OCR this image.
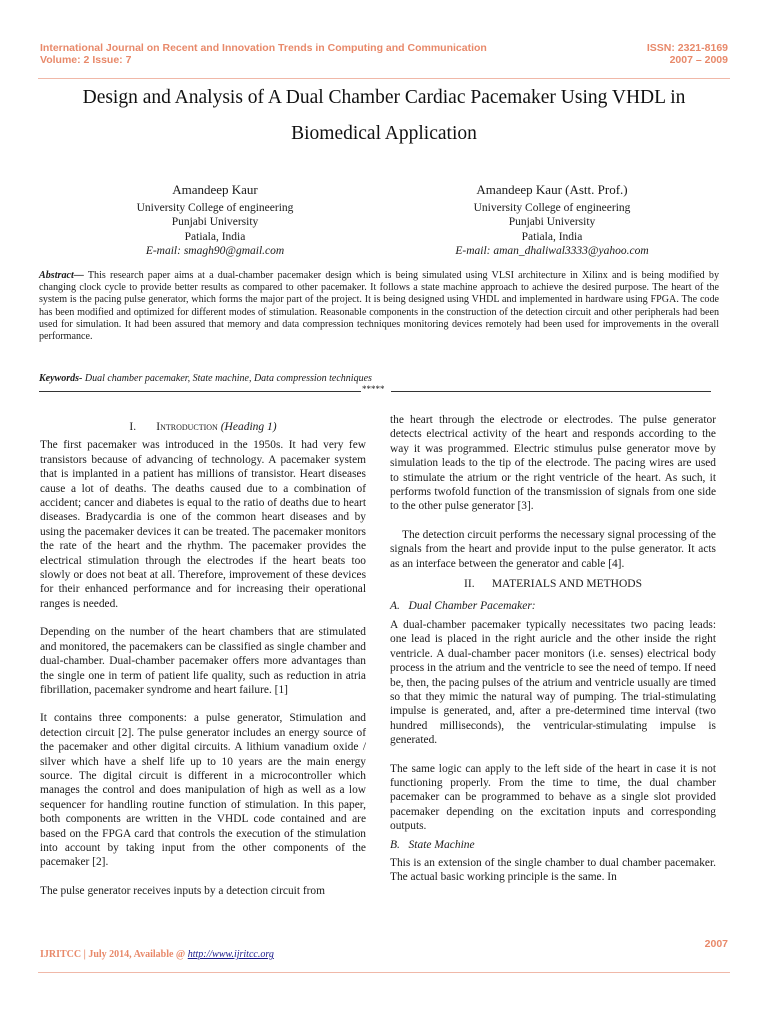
International Journal on Recent and Innovation Trends in Computing and Communication
Volume: 2 Issue: 7
ISSN: 2321-8169
2007 – 2009
Design and Analysis of A Dual Chamber Cardiac Pacemaker Using VHDL in
Biomedical Application
Amandeep Kaur
University College of engineering
Punjabi University
Patiala, India
E-mail: smagh90@gmail.com
Amandeep Kaur (Astt. Prof.)
University College of engineering
Punjabi University
Patiala, India
E-mail: aman_dhaliwal3333@yahoo.com
Abstract— This research paper aims at a dual-chamber pacemaker design which is being simulated using VLSI architecture in Xilinx and is being modified by changing clock cycle to provide better results as compared to other pacemaker. It follows a state machine approach to achieve the desired purpose. The heart of the system is the pacing pulse generator, which forms the major part of the project. It is being designed using VHDL and implemented in hardware using FPGA. The code has been modified and optimized for different modes of stimulation. Reasonable components in the construction of the detection circuit and other peripherals had been used for simulation. It had been assured that memory and data compression techniques monitoring devices remotely had been used for improvements in the overall performance.
Keywords- Dual chamber pacemaker, State machine, Data compression techniques
*****

I. Introduction (Heading 1)

The first pacemaker was introduced in the 1950s. It had very few transistors because of advancing of technology. A pacemaker system that is implanted in a patient has millions of transistor. Heart diseases cause a lot of deaths. The deaths caused due to a combination of accident; cancer and diabetes is equal to the ratio of deaths due to heart diseases. Bradycardia is one of the common heart diseases and by using the pacemaker devices it can be treated. The pacemaker monitors the rate of the heart and the rhythm. The pacemaker provides the electrical stimulation through the electrodes if the heart beats too slowly or does not beat at all. Therefore, improvement of these devices for their enhanced performance and for increasing their operational ranges is needed.

Depending on the number of the heart chambers that are stimulated and monitored, the pacemakers can be classified as single chamber and dual-chamber. Dual-chamber pacemaker offers more advantages than the single one in term of patient life quality, such as reduction in atria fibrillation, pacemaker syndrome and heart failure. [1]

It contains three components: a pulse generator, Stimulation and detection circuit [2]. The pulse generator includes an energy source of the pacemaker and other digital circuits. A lithium vanadium oxide / silver which have a shelf life up to 10 years are the main energy source. The digital circuit is different in a microcontroller which manages the control and does manipulation of high as well as a low sequencer for handling routine function of stimulation. In this paper, both components are written in the VHDL code contained and are based on the FPGA card that controls the execution of the stimulation into account by taking input from the other components of the pacemaker [2].

The pulse generator receives inputs by a detection circuit from

the heart through the electrode or electrodes. The pulse generator detects electrical activity of the heart and responds according to the way it was programmed. Electric stimulus pulse generator move by simulation leads to the tip of the electrode. The pacing wires are used to stimulate the atrium or the right ventricle of the heart. As such, it performs twofold function of the transmission of signals from one side to the other pulse generator [3].

The detection circuit performs the necessary signal processing of the signals from the heart and provide input to the pulse generator. It acts as an interface between the generator and cable [4].

II.      MATERIALS AND METHODS

A.   Dual Chamber Pacemaker:

A dual-chamber pacemaker typically necessitates two pacing leads: one lead is placed in the right auricle and the other inside the right ventricle. A dual-chamber pacer monitors (i.e. senses) electrical body process in the atrium and the ventricle to see the need of tempo. If need be, then, the pacing pulses of the atrium and ventricle usually are timed so that they mimic the natural way of pumping. The trial-stimulating impulse is generated, and, after a pre-determined time interval (two hundred milliseconds), the ventricular-stimulating impulse is generated.

The same logic can apply to the left side of the heart in case it is not functioning properly. From the time to time, the dual chamber pacemaker can be programmed to behave as a single slot provided pacemaker depending on the excitation inputs and corresponding outputs.

B.   State Machine

This is an extension of the single chamber to dual chamber pacemaker. The actual basic working principle is the same. In

2007
IJRITCC | July 2014, Available @ http://www.ijritcc.org
